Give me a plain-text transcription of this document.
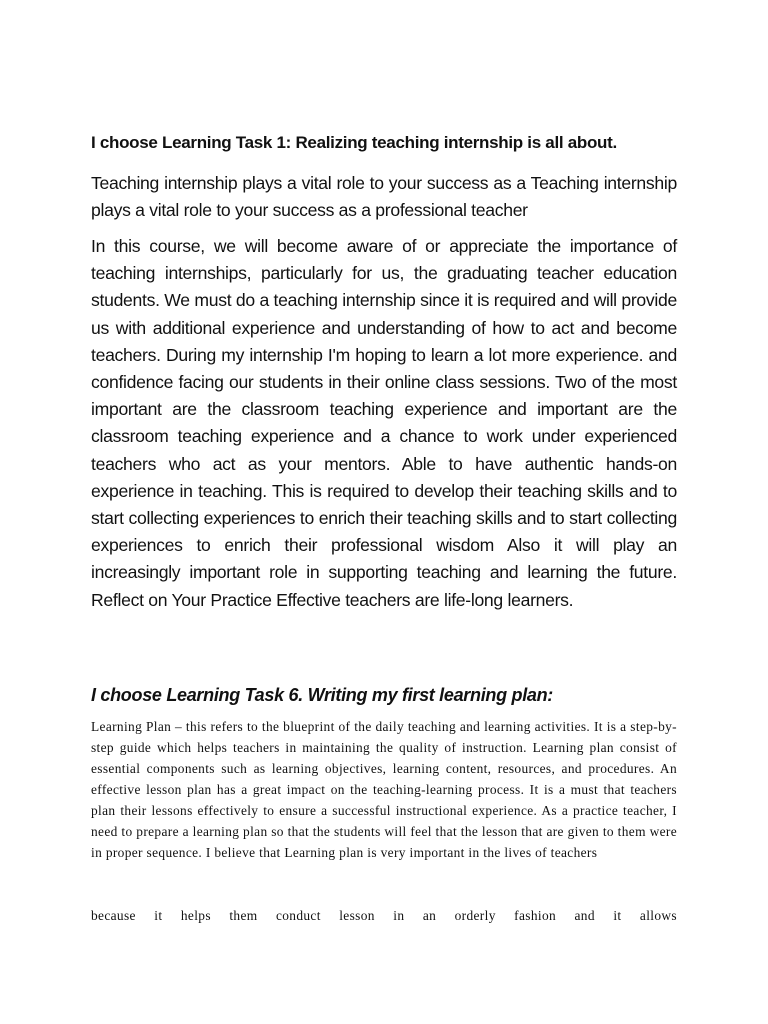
I choose Learning Task 1: Realizing teaching internship is all about.

Teaching internship plays a vital role to your success as a Teaching internship plays a vital role to your success as a professional teacher

In this course, we will become aware of or appreciate the importance of teaching internships, particularly for us, the graduating teacher education students. We must do a teaching internship since it is required and will provide us with additional experience and understanding of how to act and become teachers. During my internship I'm hoping to learn a lot more experience. and confidence facing our students in their online class sessions. Two of the most important are the classroom teaching experience and important are the classroom teaching experience and a chance to work under experienced teachers who act as your mentors. Able to have authentic hands-on experience in teaching. This is required to develop their teaching skills and to start collecting experiences to enrich their teaching skills and to start collecting experiences to enrich their professional wisdom Also it will play an increasingly important role in supporting teaching and learning the future. Reflect on Your Practice Effective teachers are life-long learners.

I choose Learning Task 6. Writing my first learning plan:

Learning Plan – this refers to the blueprint of the daily teaching and learning activities. It is a step-by-step guide which helps teachers in maintaining the quality of instruction. Learning plan consist of essential components such as learning objectives, learning content, resources, and procedures. An effective lesson plan has a great impact on the teaching-learning process. It is a must that teachers plan their lessons effectively to ensure a successful instructional experience. As a practice teacher, I need to prepare a learning plan so that the students will feel that the lesson that are given to them were in proper sequence. I believe that Learning plan is very important in the lives of teachers

because it helps them conduct lesson in an orderly fashion and it allows
